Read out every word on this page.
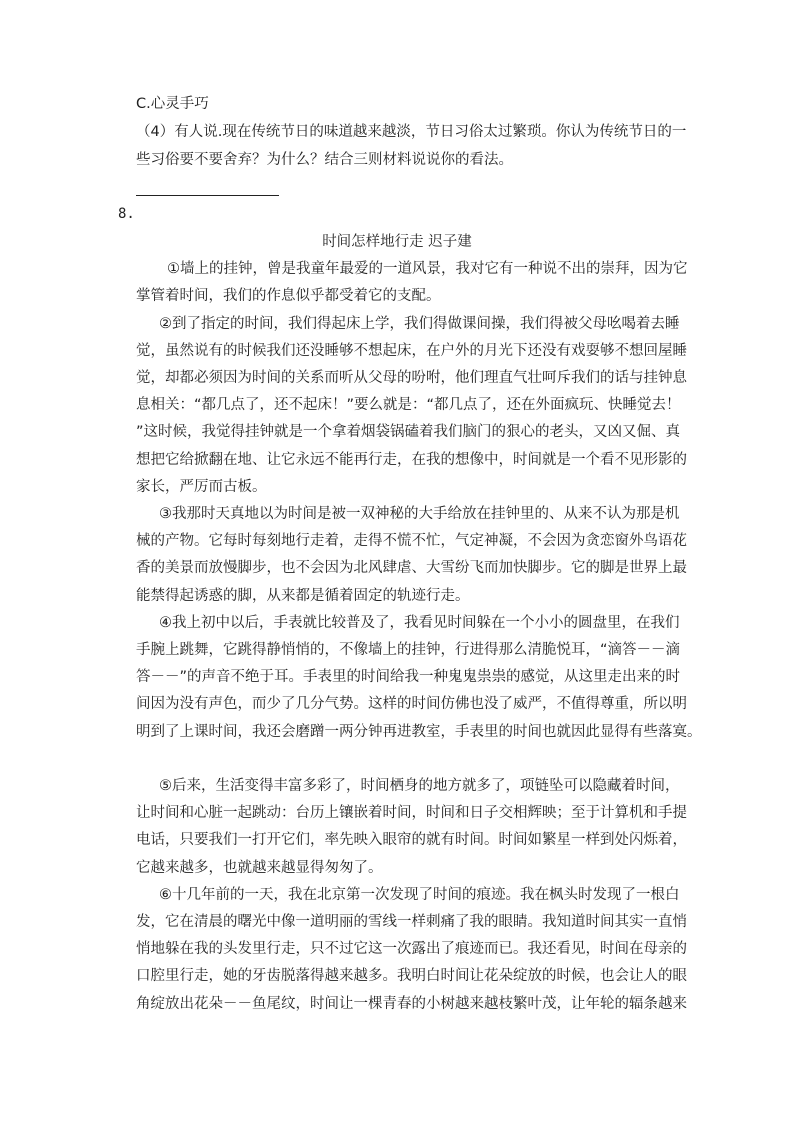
C.心灵手巧

（4）有人说.现在传统节日的味道越来越淡，节日习俗太过繁琐。你认为传统节日的一

些习俗要不要舍弃？为什么？结合三则材料说说你的看法。

8.

时间怎样地行走 迟子建

①墙上的挂钟，曾是我童年最爱的一道风景，我对它有一种说不出的崇拜，因为它

掌管着时间，我们的作息似乎都受着它的支配。

②到了指定的时间，我们得起床上学，我们得做课间操，我们得被父母吆喝着去睡

觉，虽然说有的时候我们还没睡够不想起床，在户外的月光下还没有戏耍够不想回屋睡

觉，却都必须因为时间的关系而听从父母的吩咐，他们理直气壮呵斥我们的话与挂钟息

息相关：“都几点了，还不起床！”要么就是：“都几点了，还在外面疯玩、快睡觉去！

”这时候，我觉得挂钟就是一个拿着烟袋锅磕着我们脑门的狠心的老头，又凶又倔、真

想把它给掀翻在地、让它永远不能再行走，在我的想像中，时间就是一个看不见形影的

家长，严厉而古板。

③我那时天真地以为时间是被一双神秘的大手给放在挂钟里的、从来不认为那是机

械的产物。它每时每刻地行走着，走得不慌不忙，气定神凝，不会因为贪恋窗外鸟语花

香的美景而放慢脚步，也不会因为北风肆虐、大雪纷飞而加快脚步。它的脚是世界上最

能禁得起诱惑的脚，从来都是循着固定的轨迹行走。

④我上初中以后，手表就比较普及了，我看见时间躲在一个小小的圆盘里，在我们

手腕上跳舞，它跳得静悄悄的，不像墙上的挂钟，行进得那么清脆悦耳，“滴答－－滴

答－－”的声音不绝于耳。手表里的时间给我一种鬼鬼祟祟的感觉，从这里走出来的时

间因为没有声色，而少了几分气势。这样的时间仿佛也没了威严，不值得尊重，所以明

明到了上课时间，我还会磨蹭一两分钟再进教室，手表里的时间也就因此显得有些落寞。

⑤后来，生活变得丰富多彩了，时间栖身的地方就多了，项链坠可以隐藏着时间，

让时间和心脏一起跳动：台历上镶嵌着时间，时间和日子交相辉映；至于计算机和手提

电话，只要我们一打开它们，率先映入眼帘的就有时间。时间如繁星一样到处闪烁着，

它越来越多，也就越来越显得匆匆了。

⑥十几年前的一天，我在北京第一次发现了时间的痕迹。我在枫头时发现了一根白

发，它在清晨的曙光中像一道明丽的雪线一样刺痛了我的眼睛。我知道时间其实一直悄

悄地躲在我的头发里行走，只不过它这一次露出了痕迹而已。我还看见，时间在母亲的

口腔里行走，她的牙齿脱落得越来越多。我明白时间让花朵绽放的时候，也会让人的眼

角绽放出花朵－－鱼尾纹，时间让一棵青春的小树越来越枝繁叶茂，让年轮的辐条越来
